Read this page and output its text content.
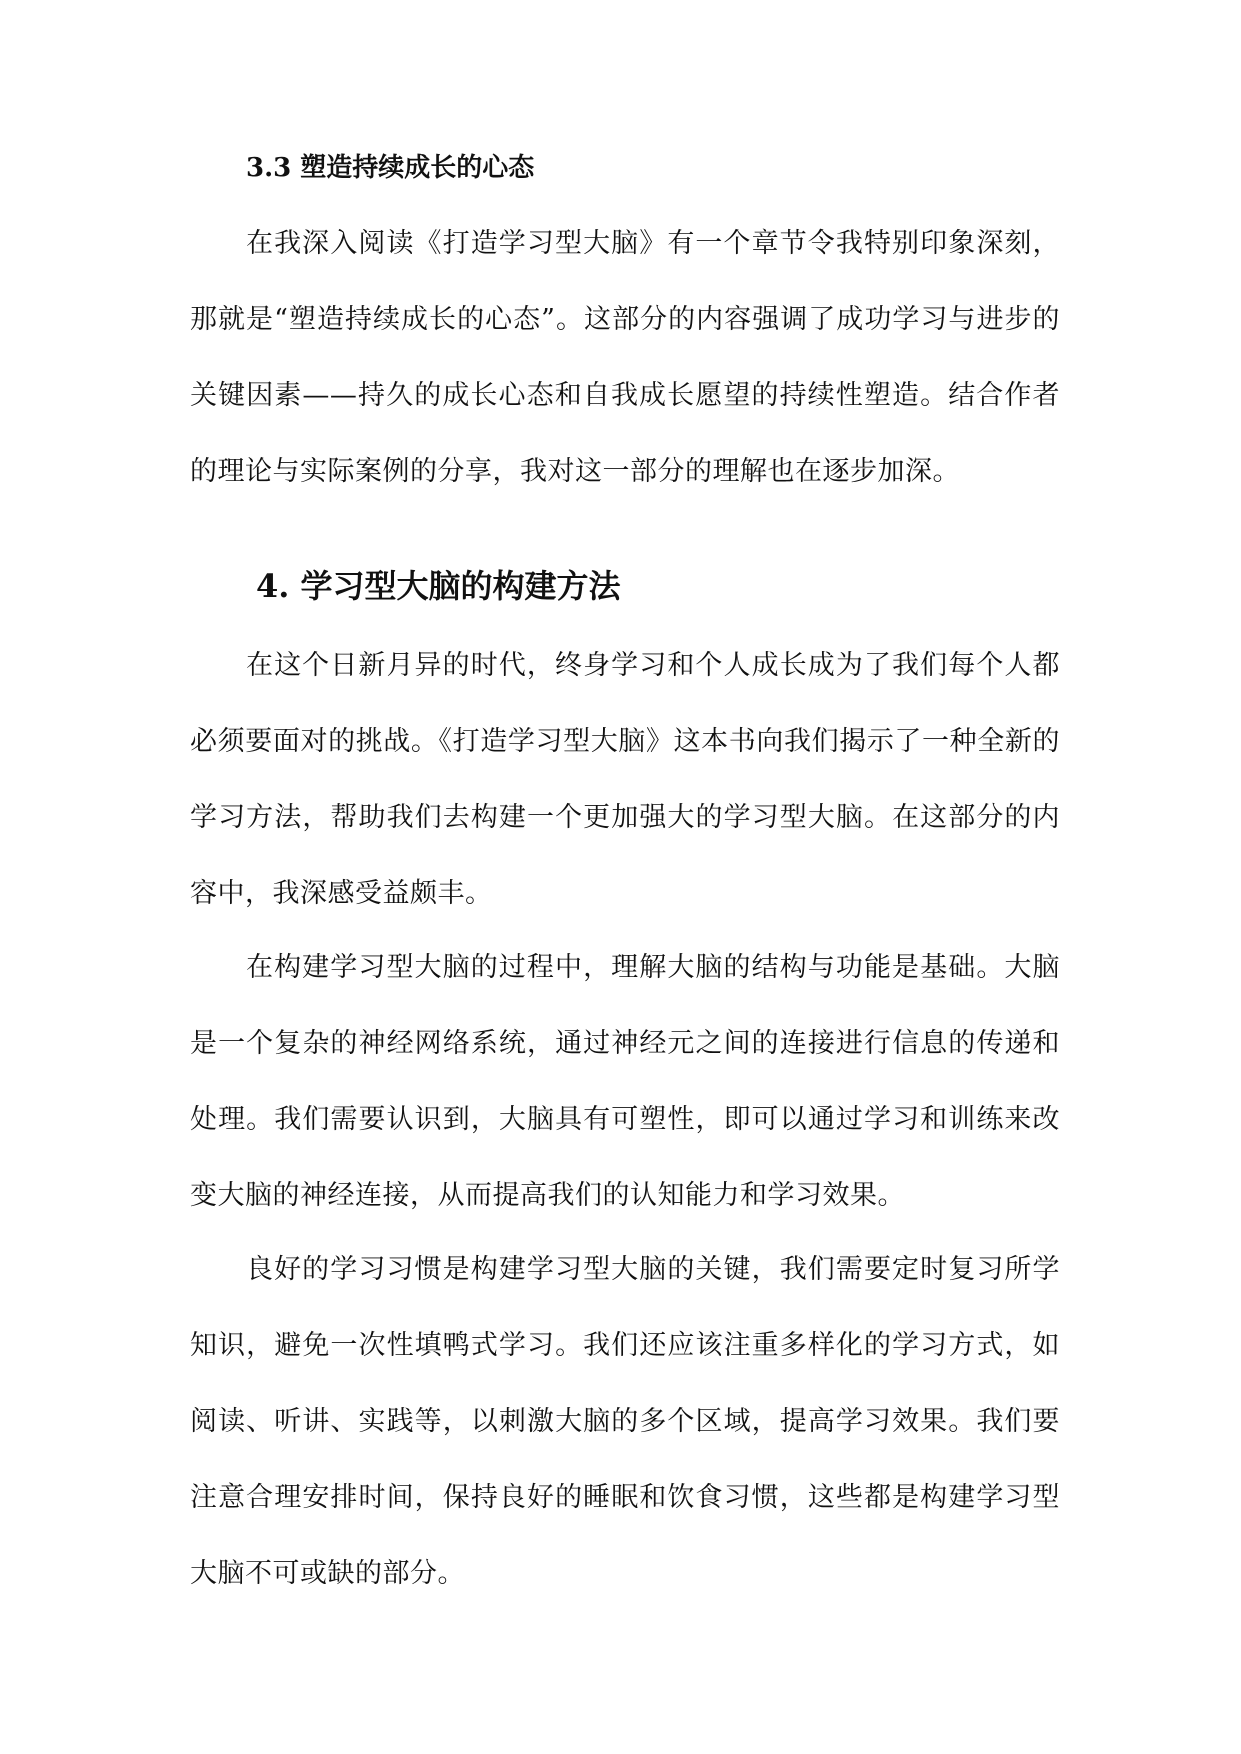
3.3 塑造持续成长的心态

在我深入阅读《打造学习型大脑》有一个章节令我特别印象深刻，那就是“塑造持续成长的心态”。这部分的内容强调了成功学习与进步的关键因素——持久的成长心态和自我成长愿望的持续性塑造。结合作者的理论与实际案例的分享，我对这一部分的理解也在逐步加深。

4. 学习型大脑的构建方法

在这个日新月异的时代，终身学习和个人成长成为了我们每个人都必须要面对的挑战。《打造学习型大脑》这本书向我们揭示了一种全新的学习方法，帮助我们去构建一个更加强大的学习型大脑。在这部分的内容中，我深感受益颇丰。

在构建学习型大脑的过程中，理解大脑的结构与功能是基础。大脑是一个复杂的神经网络系统，通过神经元之间的连接进行信息的传递和处理。我们需要认识到，大脑具有可塑性，即可以通过学习和训练来改变大脑的神经连接，从而提高我们的认知能力和学习效果。

良好的学习习惯是构建学习型大脑的关键，我们需要定时复习所学知识，避免一次性填鸭式学习。我们还应该注重多样化的学习方式，如阅读、听讲、实践等，以刺激大脑的多个区域，提高学习效果。我们要注意合理安排时间，保持良好的睡眠和饮食习惯，这些都是构建学习型大脑不可或缺的部分。
